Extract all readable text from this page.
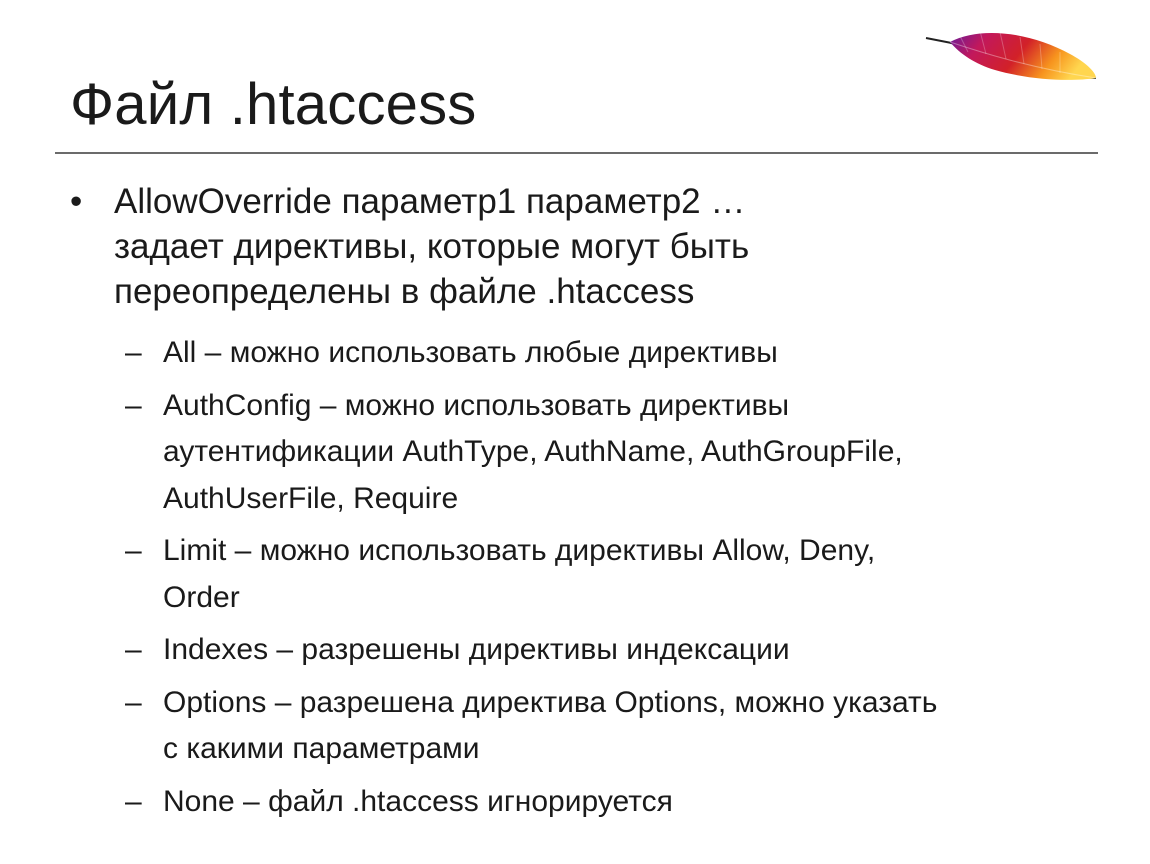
Файл .htaccess
• AllowOverride параметр1 параметр2 …
задает директивы, которые могут быть
переопределены в файле .htaccess
– All – можно использовать любые директивы
– AuthConfig – можно использовать директивы
аутентификации AuthType, AuthName, AuthGroupFile,
AuthUserFile, Require
– Limit – можно использовать директивы Allow, Deny,
Order
– Indexes – разрешены директивы индексации
– Options – разрешена директива Options, можно указать
с какими параметрами
– None – файл .htaccess игнорируется
